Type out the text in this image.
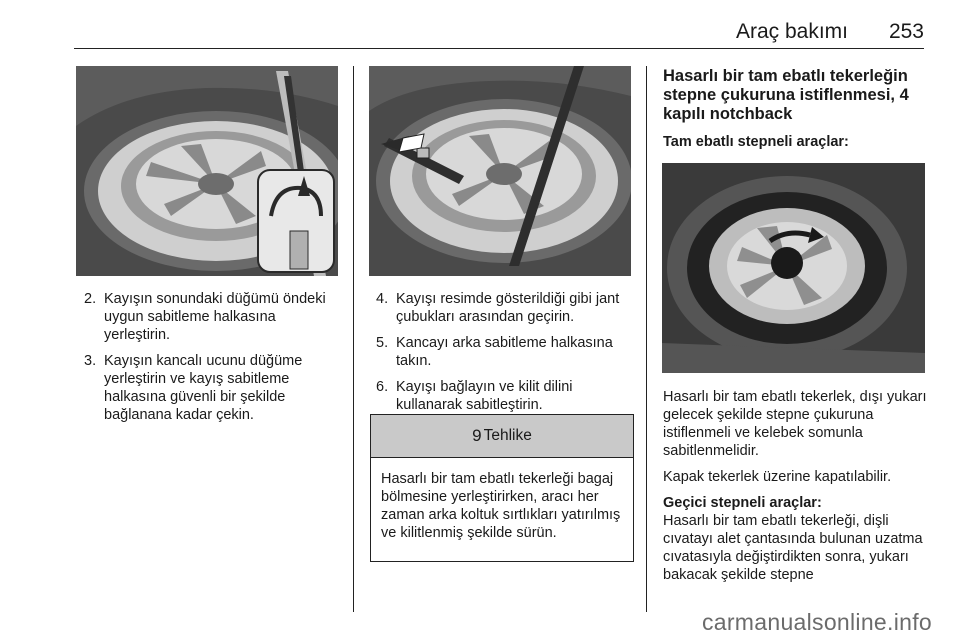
Araç bakımı 253
2. Kayışın sonundaki düğümü öndeki uygun sabitleme halkasına yerleştirin.
3. Kayışın kancalı ucunu düğüme yerleştirin ve kayış sabitleme halkasına güvenli bir şekilde bağlanana kadar çekin.
4. Kayışı resimde gösterildiği gibi jant çubukları arasından geçirin.
5. Kancayı arka sabitleme halkasına takın.
6. Kayışı bağlayın ve kilit dilini kullanarak sabitleştirin.
9 Tehlike
Hasarlı bir tam ebatlı tekerleği bagaj bölmesine yerleştirirken, aracı her zaman arka koltuk sırtlıkları yatırılmış ve kilitlenmiş şekilde sürün.
Hasarlı bir tam ebatlı tekerleğin stepne çukuruna istiflenmesi, 4 kapılı notchback
Tam ebatlı stepneli araçlar:

Hasarlı bir tam ebatlı tekerlek, dışı yukarı gelecek şekilde stepne çukuruna istiflenmeli ve kelebek somunla sabitlenmelidir.

Kapak tekerlek üzerine kapatılabilir.

Geçici stepneli araçlar:

Hasarlı bir tam ebatlı tekerleği, dişli cıvatayı alet çantasında bulunan uzatma cıvatasıyla değiştirdikten sonra, yukarı bakacak şekilde stepne

carmanualsonline.info
